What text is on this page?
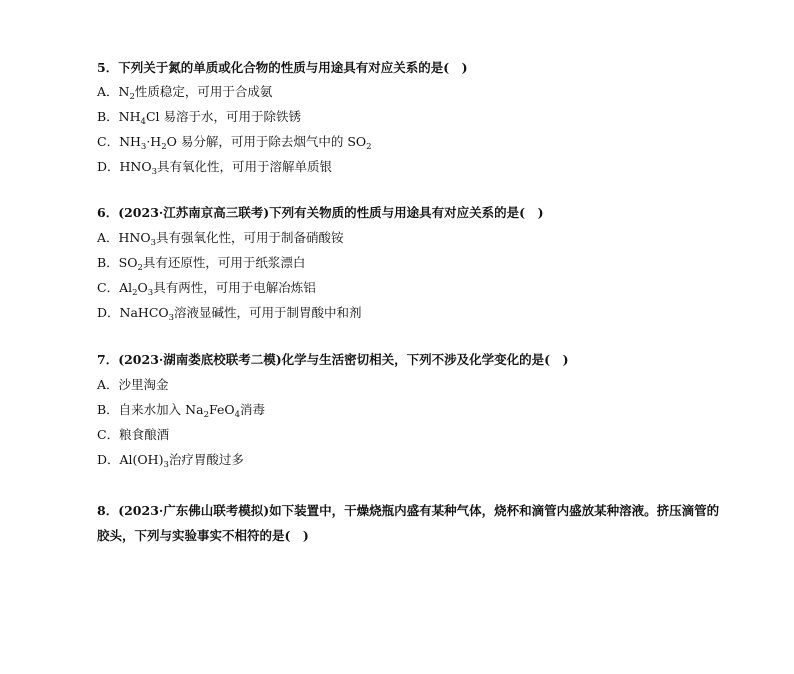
5．下列关于氮的单质或化合物的性质与用途具有对应关系的是(　)
A．$N_2$性质稳定，可用于合成氨
B．$NH_4Cl$ 易溶于水，可用于除铁锈
C．$NH_3\cdot H_2O$ 易分解，可用于除去烟气中的 $SO_2$
D．$HNO_3$具有氧化性，可用于溶解单质银
6．(2023·江苏南京高三联考)下列有关物质的性质与用途具有对应关系的是(　)
A．$HNO_3$具有强氧化性，可用于制备硝酸铵
B．$SO_2$具有还原性，可用于纸浆漂白
C．$Al_2O_3$具有两性，可用于电解冶炼铝
D．NaHCO$_3$溶液显碱性，可用于制胃酸中和剂
7．(2023·湖南娄底校联考二模)化学与生活密切相关，下列不涉及化学变化的是(　)
A．沙里淘金
B．自来水加入 $Na_2FeO_4$消毒
C．粮食酿酒
D．$Al(OH)_3$治疗胃酸过多
8．(2023·广东佛山联考模拟)如下装置中，干燥烧瓶内盛有某种气体，烧杯和滴管内盛放某种溶液。挤压滴管的胶头，下列与实验事实不相符的是(　)
